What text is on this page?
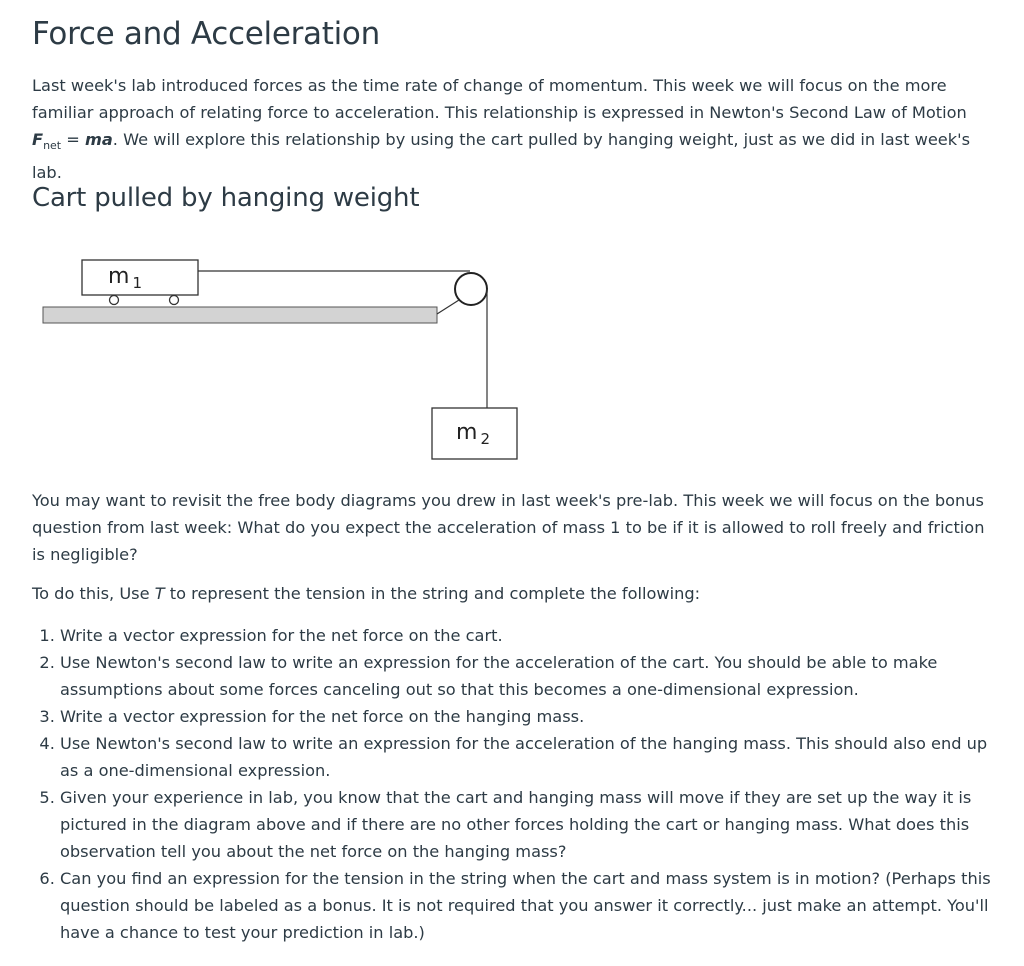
Force and Acceleration

Last week's lab introduced forces as the time rate of change of momentum. This week we will focus on the more familiar approach of relating force to acceleration. This relationship is expressed in Newton's Second Law of Motion $F_{net}$ = ma. We will explore this relationship by using the cart pulled by hanging weight, just as we did in last week's lab.

Cart pulled by hanging weight
m $_1$
m $_2$

You may want to revisit the free body diagrams you drew in last week's pre-lab. This week we will focus on the bonus question from last week: What do you expect the acceleration of mass 1 to be if it is allowed to roll freely and friction is negligible?

To do this, Use T to represent the tension in the string and complete the following:

1. Write a vector expression for the net force on the cart.
2. Use Newton's second law to write an expression for the acceleration of the cart. You should be able to make assumptions about some forces canceling out so that this becomes a one-dimensional expression.
3. Write a vector expression for the net force on the hanging mass.
4. Use Newton's second law to write an expression for the acceleration of the hanging mass. This should also end up as a one-dimensional expression.
5. Given your experience in lab, you know that the cart and hanging mass will move if they are set up the way it is pictured in the diagram above and if there are no other forces holding the cart or hanging mass. What does this observation tell you about the net force on the hanging mass?
6. Can you find an expression for the tension in the string when the cart and mass system is in motion? (Perhaps this question should be labeled as a bonus. It is not required that you answer it correctly... just make an attempt. You'll have a chance to test your prediction in lab.)
